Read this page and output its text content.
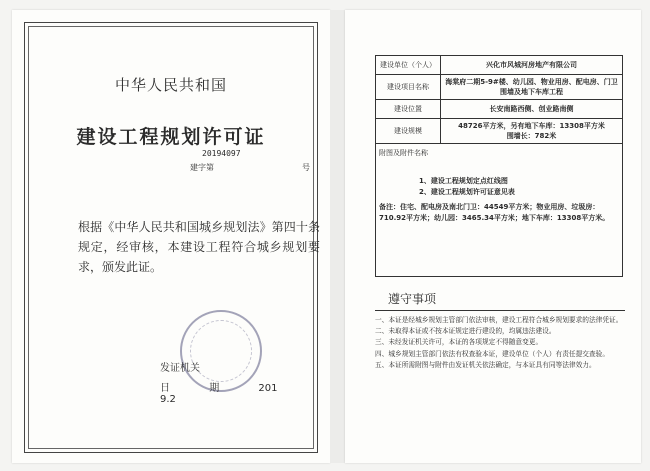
中华人民共和国
建设工程规划许可证
20194097
建字第	号
根据《中华人民共和国城乡规划法》第四十条规定，经审核，本建设工程符合城乡规划要求，颁发此证。
发证机关
日	期	201 9.2
建设单位（个人）	兴化市风城河房地产有限公司

建设项目名称	海棠府二期5-9#楼、幼儿园、物业用房、配电房、门卫
围墙及地下车库工程

建设位置	长安南路西侧、创业路南侧

建设规模	48726平方米，另有地下车库：13308平方米
围墙长：782米

附图及附件名称
1、建设工程规划定点红线图
2、建设工程规划许可证意见表
备注：住宅、配电房及南北门卫：44549平方米；物业用房、垃圾房：710.92平方米；幼儿园：3465.34平方米；地下车库：13308平方米。	
遵守事项
一、本证是经城乡规划主管部门依法审核，建设工程符合城乡规划要求的法律凭证。
二、未取得本证或不按本证规定进行建设的，均属违法建设。
三、未经发证机关许可，本证的各项规定不得随意变更。
四、城乡规划主管部门依法有权查验本证，建设单位（个人）有责任提交查验。
五、本证所需附图与附件由发证机关依法确定，与本证具有同等法律效力。
